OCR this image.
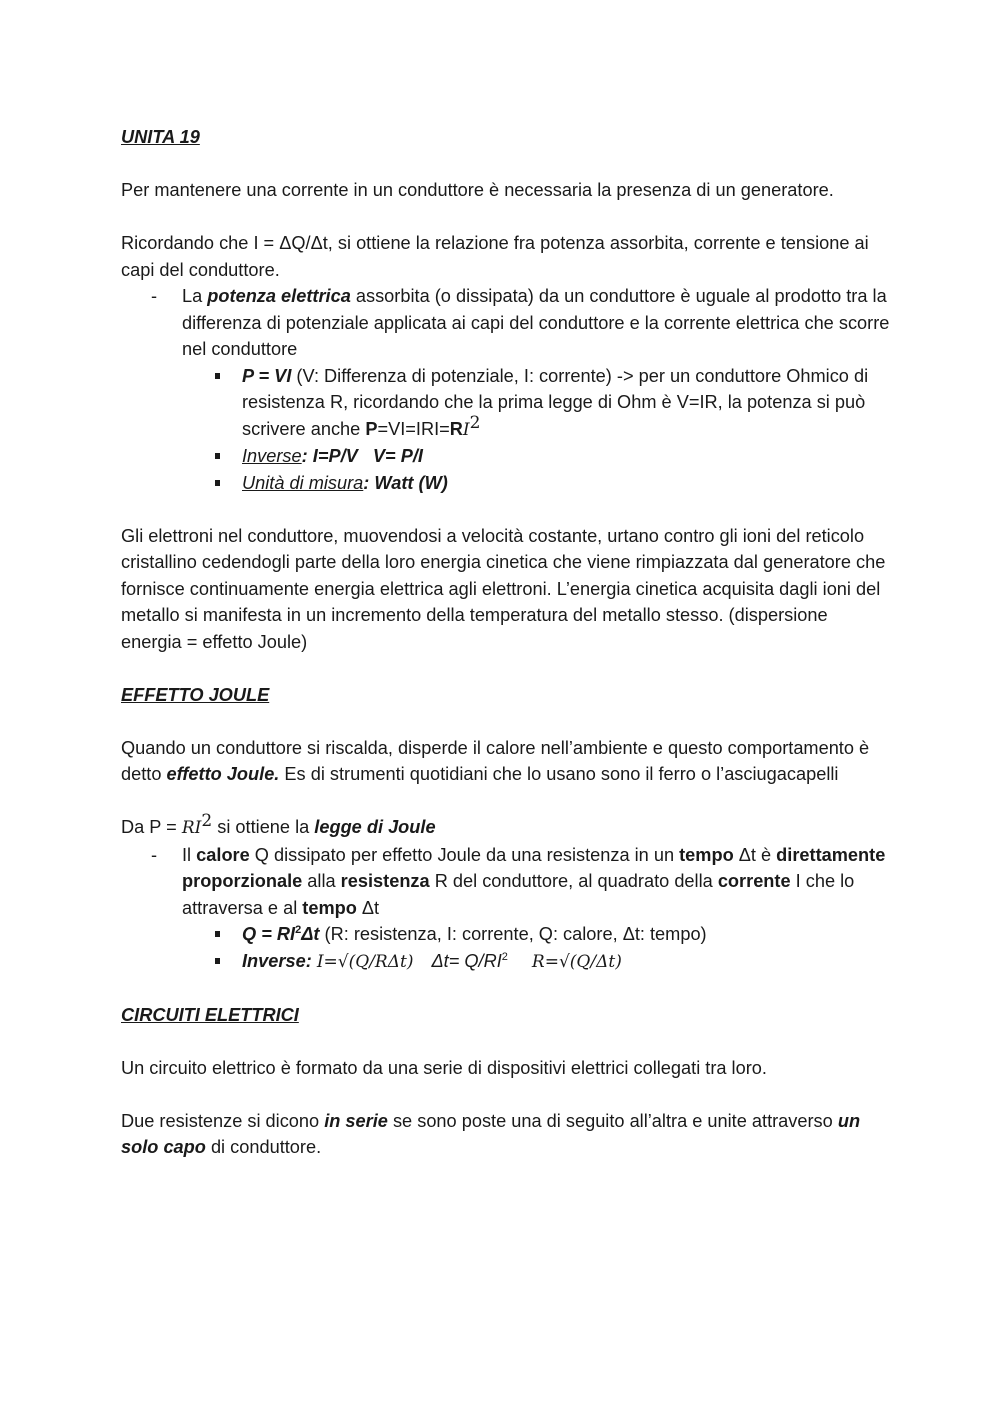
UNITA 19

Per mantenere una corrente in un conduttore è necessaria la presenza di un generatore.

Ricordando che I = ΔQ/Δt, si ottiene la relazione fra potenza assorbita, corrente e tensione ai capi del conduttore.

- La potenza elettrica assorbita (o dissipata) da un conduttore è uguale al prodotto tra la differenza di potenziale applicata ai capi del conduttore e la corrente elettrica che scorre nel conduttore

P = VI (V: Differenza di potenziale, I: corrente) -> per un conduttore Ohmico di resistenza R, ricordando che la prima legge di Ohm è V=IR, la potenza si può scrivere anche $P=VI=IRI=RI^2$

Inverse: I=P/V   V= P/I

Unità di misura: Watt (W)

Gli elettroni nel conduttore, muovendosi a velocità costante, urtano contro gli ioni del reticolo cristallino cedendogli parte della loro energia cinetica che viene rimpiazzata dal generatore che fornisce continuamente energia elettrica agli elettroni. L’energia cinetica acquisita dagli ioni del metallo si manifesta in un incremento della temperatura del metallo stesso. (dispersione energia = effetto Joule)

EFFETTO JOULE

Quando un conduttore si riscalda, disperde il calore nell’ambiente e questo comportamento è detto effetto Joule. Es di strumenti quotidiani che lo usano sono il ferro o l’asciugacapelli

Da $P = RI^2$ si ottiene la legge di Joule

- Il calore Q dissipato per effetto Joule da una resistenza in un tempo Δt è direttamente proporzionale alla resistenza R del conduttore, al quadrato della corrente I che lo attraversa e al tempo Δt

$Q = RI^2\Delta t$ (R: resistenza, I: corrente, Q: calore, Δt: tempo)

Inverse: I=√(Q/RΔt) $\Delta t= Q/RI^2$ R=√(Q/Δt)

CIRCUITI ELETTRICI

Un circuito elettrico è formato da una serie di dispositivi elettrici collegati tra loro.

Due resistenze si dicono in serie se sono poste una di seguito all’altra e unite attraverso un solo capo di conduttore.
